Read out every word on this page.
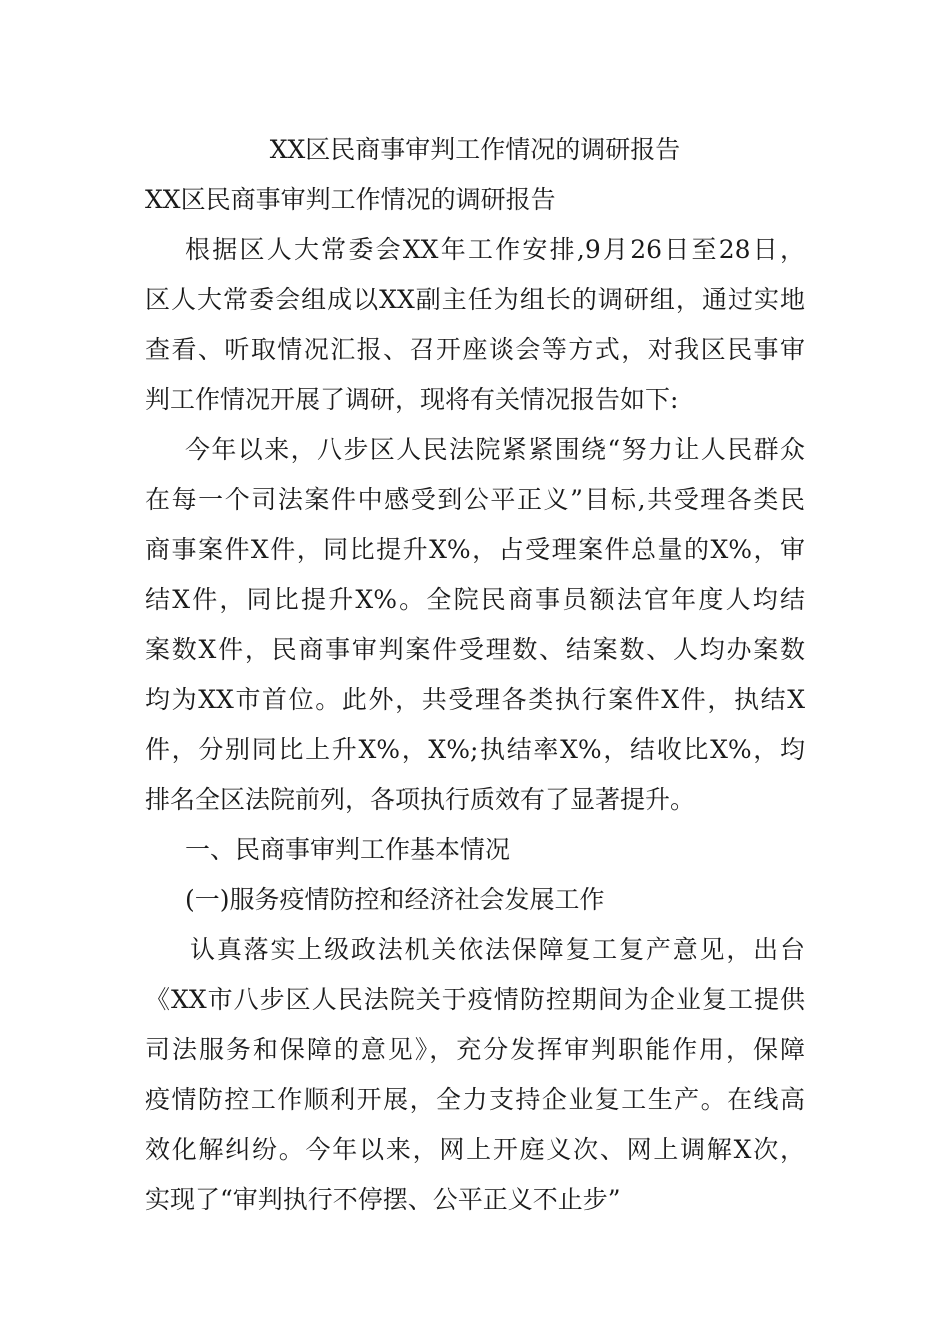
XX区民商事审判工作情况的调研报告
XX区民商事审判工作情况的调研报告
根据区人大常委会XX年工作安排,9月26日至28日，
区人大常委会组成以XX副主任为组长的调研组，通过实地
查看、听取情况汇报、召开座谈会等方式，对我区民事审
判工作情况开展了调研，现将有关情况报告如下:
今年以来，八步区人民法院紧紧围绕“努力让人民群众
在每一个司法案件中感受到公平正义”目标,共受理各类民
商事案件X件，同比提升X%，占受理案件总量的X%，审
结X件，同比提升X%。全院民商事员额法官年度人均结
案数X件，民商事审判案件受理数、结案数、人均办案数
均为XX市首位。此外，共受理各类执行案件X件，执结X
件，分别同比上升X%，X%;执结率X%，结收比X%，均
排名全区法院前列，各项执行质效有了显著提升。
一、民商事审判工作基本情况
(一)服务疫情防控和经济社会发展工作
认真落实上级政法机关依法保障复工复产意见，出台
《XX市八步区人民法院关于疫情防控期间为企业复工提供
司法服务和保障的意见》，充分发挥审判职能作用，保障
疫情防控工作顺利开展，全力支持企业复工生产。在线高
效化解纠纷。今年以来，网上开庭义次、网上调解X次，
实现了“审判执行不停摆、公平正义不止步”
